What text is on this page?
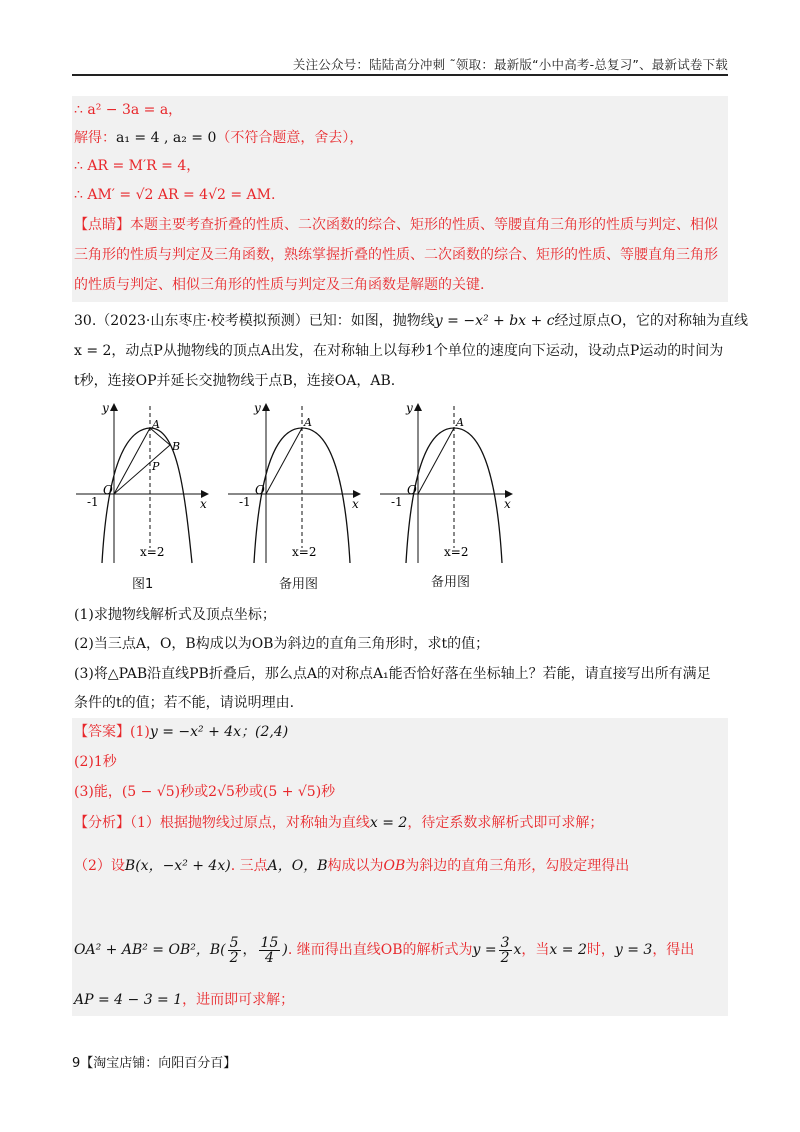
关注公众号：陆陆高分冲刺 ˜领取：最新版“小中高考-总复习”、最新试卷下载
∴ a² − 3a = a，
解得：a₁ = 4 , a₂ = 0（不符合题意，舍去），
∴ AR = M′R = 4，
∴ AM′ = √2 AR = 4√2 = AM.
【点睛】本题主要考查折叠的性质、二次函数的综合、矩形的性质、等腰直角三角形的性质与判定、相似
三角形的性质与判定及三角函数，熟练掌握折叠的性质、二次函数的综合、矩形的性质、等腰直角三角形
的性质与判定、相似三角形的性质与判定及三角函数是解题的关键.
30.（2023·山东枣庄·校考模拟预测）已知：如图，抛物线y = −x² + bx + c经过原点O，它的对称轴为直线
x = 2，动点P从抛物线的顶点A出发，在对称轴上以每秒1个单位的速度向下运动，设动点P运动的时间为
t秒，连接OP并延长交抛物线于点B，连接OA，AB.
y
x
-1
O
A
B
P
x=2
y
x
-1
O
A
x=2
y
x
-1
O
A
x=2
图1	备用图	备用图
(1)求抛物线解析式及顶点坐标；
(2)当三点A，O，B构成以为OB为斜边的直角三角形时，求t的值；
(3)将△PAB沿直线PB折叠后，那么点A的对称点A₁能否恰好落在坐标轴上？若能，请直接写出所有满足
条件的t的值；若不能，请说明理由.
【答案】(1)y = −x² + 4x；(2,4)
(2)1秒
(3)能，(5 − √5)秒或2√5秒或(5 + √5)秒
【分析】（1）根据抛物线过原点，对称轴为直线x = 2，待定系数求解析式即可求解；
（2）设B(x，−x² + 4x). 三点A，O，B构成以为OB为斜边的直角三角形，勾股定理得出
OA² + AB² = OB²，$B( \frac{5}{2}$ ， $\frac{15}{4}$ ). 继而得出直线OB的解析式为$y = \frac{3}{2}$ x，当x = 2时，y = 3，得出
AP = 4 − 3 = 1，进而即可求解；
9【淘宝店铺：向阳百分百】
